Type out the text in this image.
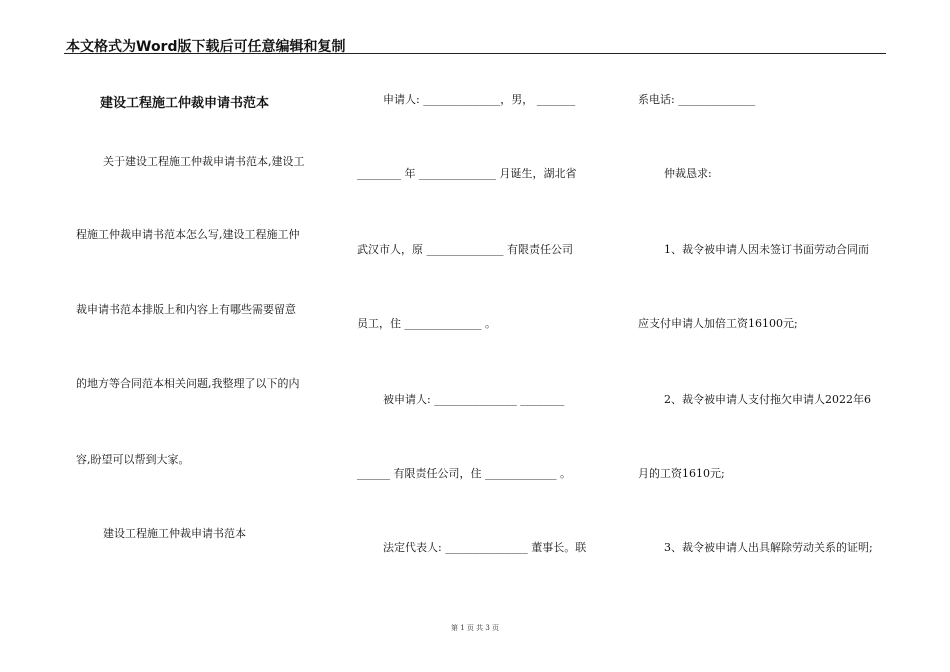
本文格式为Word版下载后可任意编辑和复制
建设工程施工仲裁申请书范本
关于建设工程施工仲裁申请书范本,建设工
程施工仲裁申请书范本怎么写,建设工程施工仲
裁申请书范本排版上和内容上有哪些需要留意
的地方等合同范本相关问题,我整理了以下的内
容,盼望可以帮到大家。
建设工程施工仲裁申请书范本
申请人: ______________，男， _______
________ 年 ______________ 月诞生，湖北省
武汉市人，原 ______________ 有限责任公司
员工，住 ______________ 。
被申请人: _______________ ________
______ 有限责任公司，住 _____________ 。
法定代表人: _______________ 董事长。联
系电话: ______________
仲裁恳求:
1、裁令被申请人因未签订书面劳动合同而
应支付申请人加倍工资16100元;
2、裁令被申请人支付拖欠申请人2022年6
月的工资1610元;
3、裁令被申请人出具解除劳动关系的证明;
第 1 页 共 3 页
